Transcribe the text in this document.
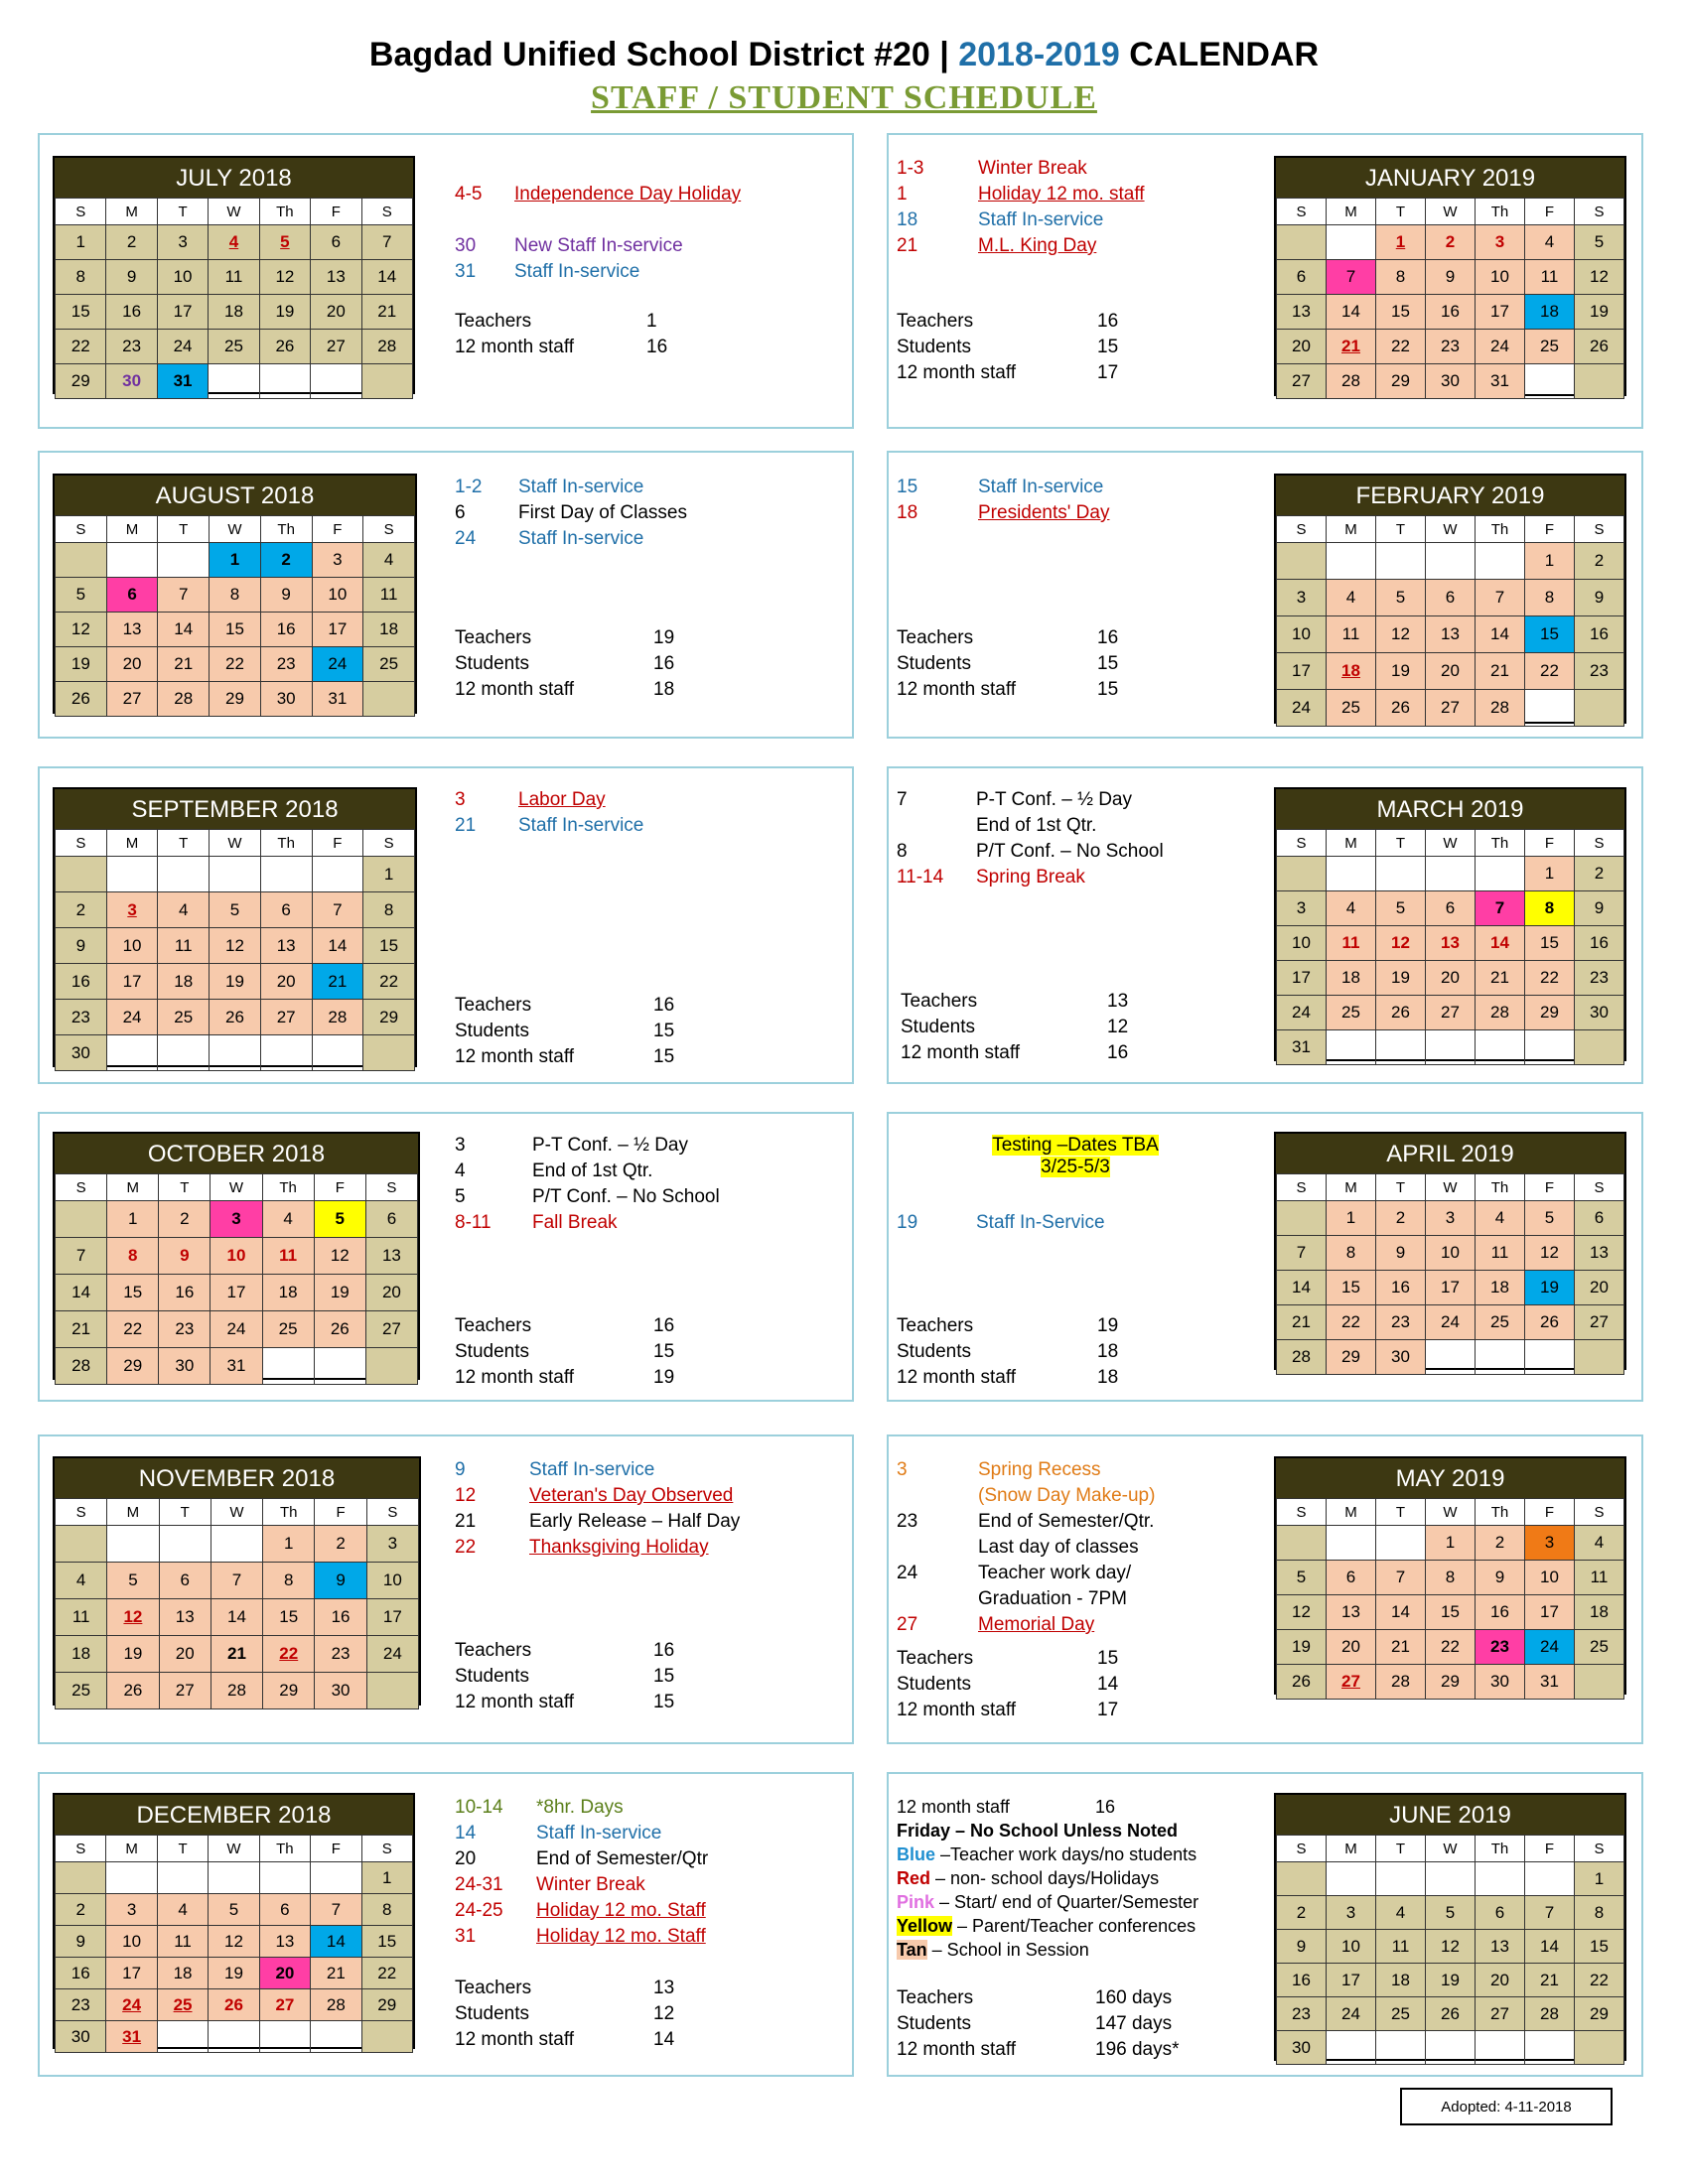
Bagdad Unified School District #20 | 2018-2019 CALENDAR
STAFF / STUDENT SCHEDULE
JULY 2018
S	M	T	W	Th	F	S
1	2	3	4	5	6	7
8	9	10	11	12	13	14
15	16	17	18	19	20	21
22	23	24	25	26	27	28
29	30	31				
4-5 Independence Day Holiday
30 New Staff In-service
31 Staff In-service
Teachers	1
12 month staff	16
AUGUST 2018
S	M	T	W	Th	F	S
			1	2	3	4
5	6	7	8	9	10	11
12	13	14	15	16	17	18
19	20	21	22	23	24	25
26	27	28	29	30	31	
1-2 Staff In-service
6	First Day of Classes
24 Staff In-service
Teachers	19
Students	16
12 month staff	18
SEPTEMBER 2018
S	M	T	W	Th	F	S
						1
2	3	4	5	6	7	8
9	10	11	12	13	14	15
16	17	18	19	20	21	22
23	24	25	26	27	28	29
30						
3	Labor Day
21 Staff In-service
Teachers	16
Students	15
12 month staff	15
OCTOBER 2018
S	M	T	W	Th	F	S
	1	2	3	4	5	6
7	8	9	10	11	12	13
14	15	16	17	18	19	20
21	22	23	24	25	26	27
28	29	30	31			
3	P-T Conf. – ½ Day
4	End of 1st Qtr.
5	P/T Conf. – No School
8-11 Fall Break
Teachers	16
Students	15
12 month staff	19
NOVEMBER 2018
S	M	T	W	Th	F	S
				1	2	3
4	5	6	7	8	9	10
11	12	13	14	15	16	17
18	19	20	21	22	23	24
25	26	27	28	29	30	
9	Staff In-service
12	Veteran's Day Observed
21	Early Release – Half Day
22	Thanksgiving Holiday
Teachers	16
Students	15
12 month staff	15
DECEMBER 2018
S	M	T	W	Th	F	S
						1
2	3	4	5	6	7	8
9	10	11	12	13	14	15
16	17	18	19	20	21	22
23	24	25	26	27	28	29
30	31					
10-14 *8hr. Days
14	Staff In-service
20	End of Semester/Qtr
24-31 Winter Break
24-25 Holiday 12 mo. Staff
31	Holiday 12 mo. Staff
Teachers	13
Students	12
12 month staff	14
JANUARY 2019
S	M	T	W	Th	F	S
		1	2	3	4	5
6	7	8	9	10	11	12
13	14	15	16	17	18	19
20	21	22	23	24	25	26
27	28	29	30	31		
1-3	Winter Break
1	Holiday 12 mo. staff
18	Staff In-service
21	M.L. King Day
Teachers	16
Students	15
12 month staff	17
FEBRUARY 2019
S	M	T	W	Th	F	S
					1	2
3	4	5	6	7	8	9
10	11	12	13	14	15	16
17	18	19	20	21	22	23
24	25	26	27	28		
15	Staff In-service
18	Presidents' Day
Teachers	16
Students	15
12 month staff	15
MARCH 2019
S	M	T	W	Th	F	S
					1	2
3	4	5	6	7	8	9
10	11	12	13	14	15	16
17	18	19	20	21	22	23
24	25	26	27	28	29	30
31						
7	P-T Conf. – ½ Day
End of 1st Qtr.
8	P/T Conf. – No School
11-14 Spring Break
Teachers	13
Students	12
12 month staff	16
APRIL 2019
S	M	T	W	Th	F	S
	1	2	3	4	5	6
7	8	9	10	11	12	13
14	15	16	17	18	19	20
21	22	23	24	25	26	27
28	29	30				
Testing –Dates TBA
3/25-5/3
19	Staff In-Service
Teachers	19
Students	18
12 month staff	18
MAY 2019
S	M	T	W	Th	F	S
			1	2	3	4
5	6	7	8	9	10	11
12	13	14	15	16	17	18
19	20	21	22	23	24	25
26	27	28	29	30	31	
3	Spring Recess
(Snow Day Make-up)
23	End of Semester/Qtr.
Last day of classes
24	Teacher work day/
Graduation - 7PM
27	Memorial Day
Teachers	15
Students	14
12 month staff	17
JUNE 2019
S	M	T	W	Th	F	S
						1
2	3	4	5	6	7	8
9	10	11	12	13	14	15
16	17	18	19	20	21	22
23	24	25	26	27	28	29
30						
Teachers	160 days
Students	147 days
12 month staff	196 days*
12 month staff	16
Friday – No School Unless Noted
Blue –Teacher work days/no students
Red – non- school days/Holidays
Pink – Start/ end of Quarter/Semester
Yellow – Parent/Teacher conferences
Tan – School in Session
Adopted: 4-11-2018
